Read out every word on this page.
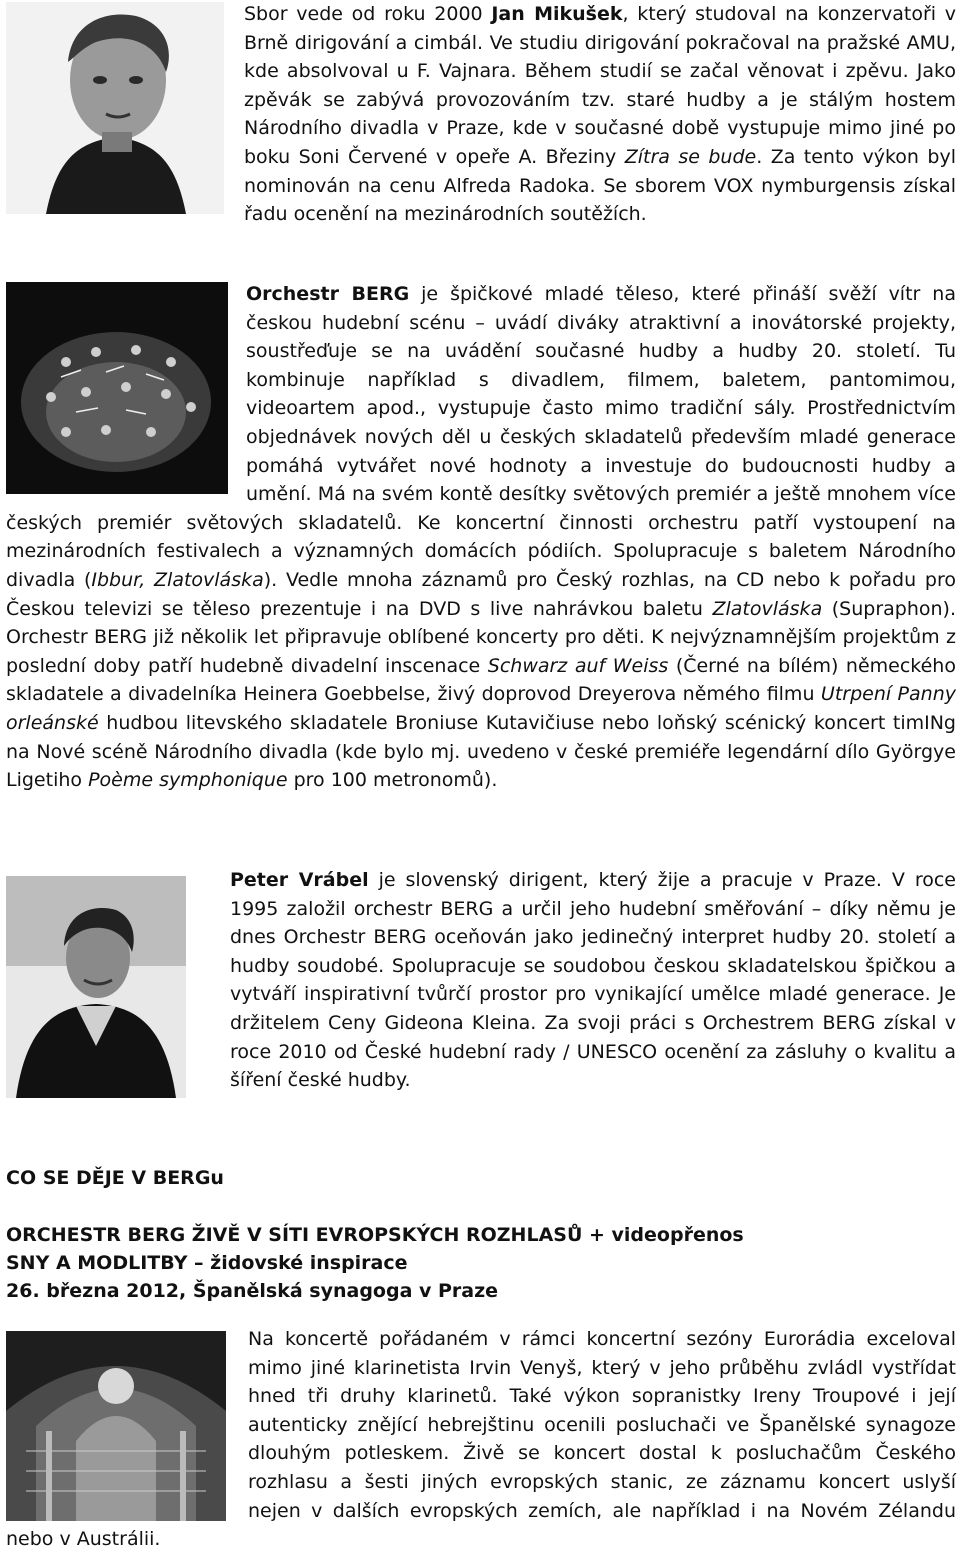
Sbor vede od roku 2000 Jan Mikušek, který studoval na konzervatoři v Brně dirigování a cimbál. Ve studiu dirigování pokračoval na pražské AMU, kde absolvoval u F. Vajnara. Během studií se začal věnovat i zpěvu. Jako zpěvák se zabývá provozováním tzv. staré hudby a je stálým hostem Národního divadla v Praze, kde v současné době vystupuje mimo jiné po boku Soni Červené v opeře A. Březiny Zítra se bude. Za tento výkon byl nominován na cenu Alfreda Radoka. Se sborem VOX nymburgensis získal řadu ocenění na mezinárodních soutěžích.

Orchestr BERG je špičkové mladé těleso, které přináší svěží vítr na českou hudební scénu – uvádí diváky atraktivní a inovátorské projekty, soustřeďuje se na uvádění současné hudby a hudby 20. století. Tu kombinuje například s divadlem, filmem, baletem, pantomimou, videoartem apod., vystupuje často mimo tradiční sály. Prostřednictvím objednávek nových děl u českých skladatelů především mladé generace pomáhá vytvářet nové hodnoty a investuje do budoucnosti hudby a umění. Má na svém kontě desítky světových premiér a ještě mnohem více českých premiér světových skladatelů. Ke koncertní činnosti orchestru patří vystoupení na mezinárodních festivalech a významných domácích pódiích. Spolupracuje s baletem Národního divadla (Ibbur, Zlatovláska). Vedle mnoha záznamů pro Český rozhlas, na CD nebo k pořadu pro Českou televizi se těleso prezentuje i na DVD s live nahrávkou baletu Zlatovláska (Supraphon). Orchestr BERG již několik let připravuje oblíbené koncerty pro děti. K nejvýznamnějším projektům z poslední doby patří hudebně divadelní inscenace Schwarz auf Weiss (Černé na bílém) německého skladatele a divadelníka Heinera Goebbelse, živý doprovod Dreyerova němého filmu Utrpení Panny orleánské hudbou litevského skladatele Broniuse Kutavičiuse nebo loňský scénický koncert timINg na Nové scéně Národního divadla (kde bylo mj. uvedeno v české premiéře legendární dílo Györgye Ligetiho Poème symphonique pro 100 metronomů).

Peter Vrábel je slovenský dirigent, který žije a pracuje v Praze. V roce 1995 založil orchestr BERG a určil jeho hudební směřování – díky němu je dnes Orchestr BERG oceňován jako jedinečný interpret hudby 20. století a hudby soudobé. Spolupracuje se soudobou českou skladatelskou špičkou a vytváří inspirativní tvůrčí prostor pro vynikající umělce mladé generace. Je držitelem Ceny Gideona Kleina. Za svoji práci s Orchestrem BERG získal v roce 2010 od České hudební rady / UNESCO ocenění za zásluhy o kvalitu a šíření české hudby.

CO SE DĚJE V BERGu
ORCHESTR BERG ŽIVĚ V SÍTI EVROPSKÝCH ROZHLASŮ + videopřenos
SNY A MODLITBY – židovské inspirace
26. března 2012, Španělská synagoga v Praze

Na koncertě pořádaném v rámci koncertní sezóny Eurorádia exceloval mimo jiné klarinetista Irvin Venyš, který v jeho průběhu zvládl vystřídat hned tři druhy klarinetů. Také výkon sopranistky Ireny Troupové i její autenticky znějící hebrejštinu ocenili posluchači ve Španělské synagoze dlouhým potleskem. Živě se koncert dostal k posluchačům Českého rozhlasu a šesti jiných evropských stanic, ze záznamu koncert uslyší nejen v dalších evropských zemích, ale například i na Novém Zélandu nebo v Austrálii.
